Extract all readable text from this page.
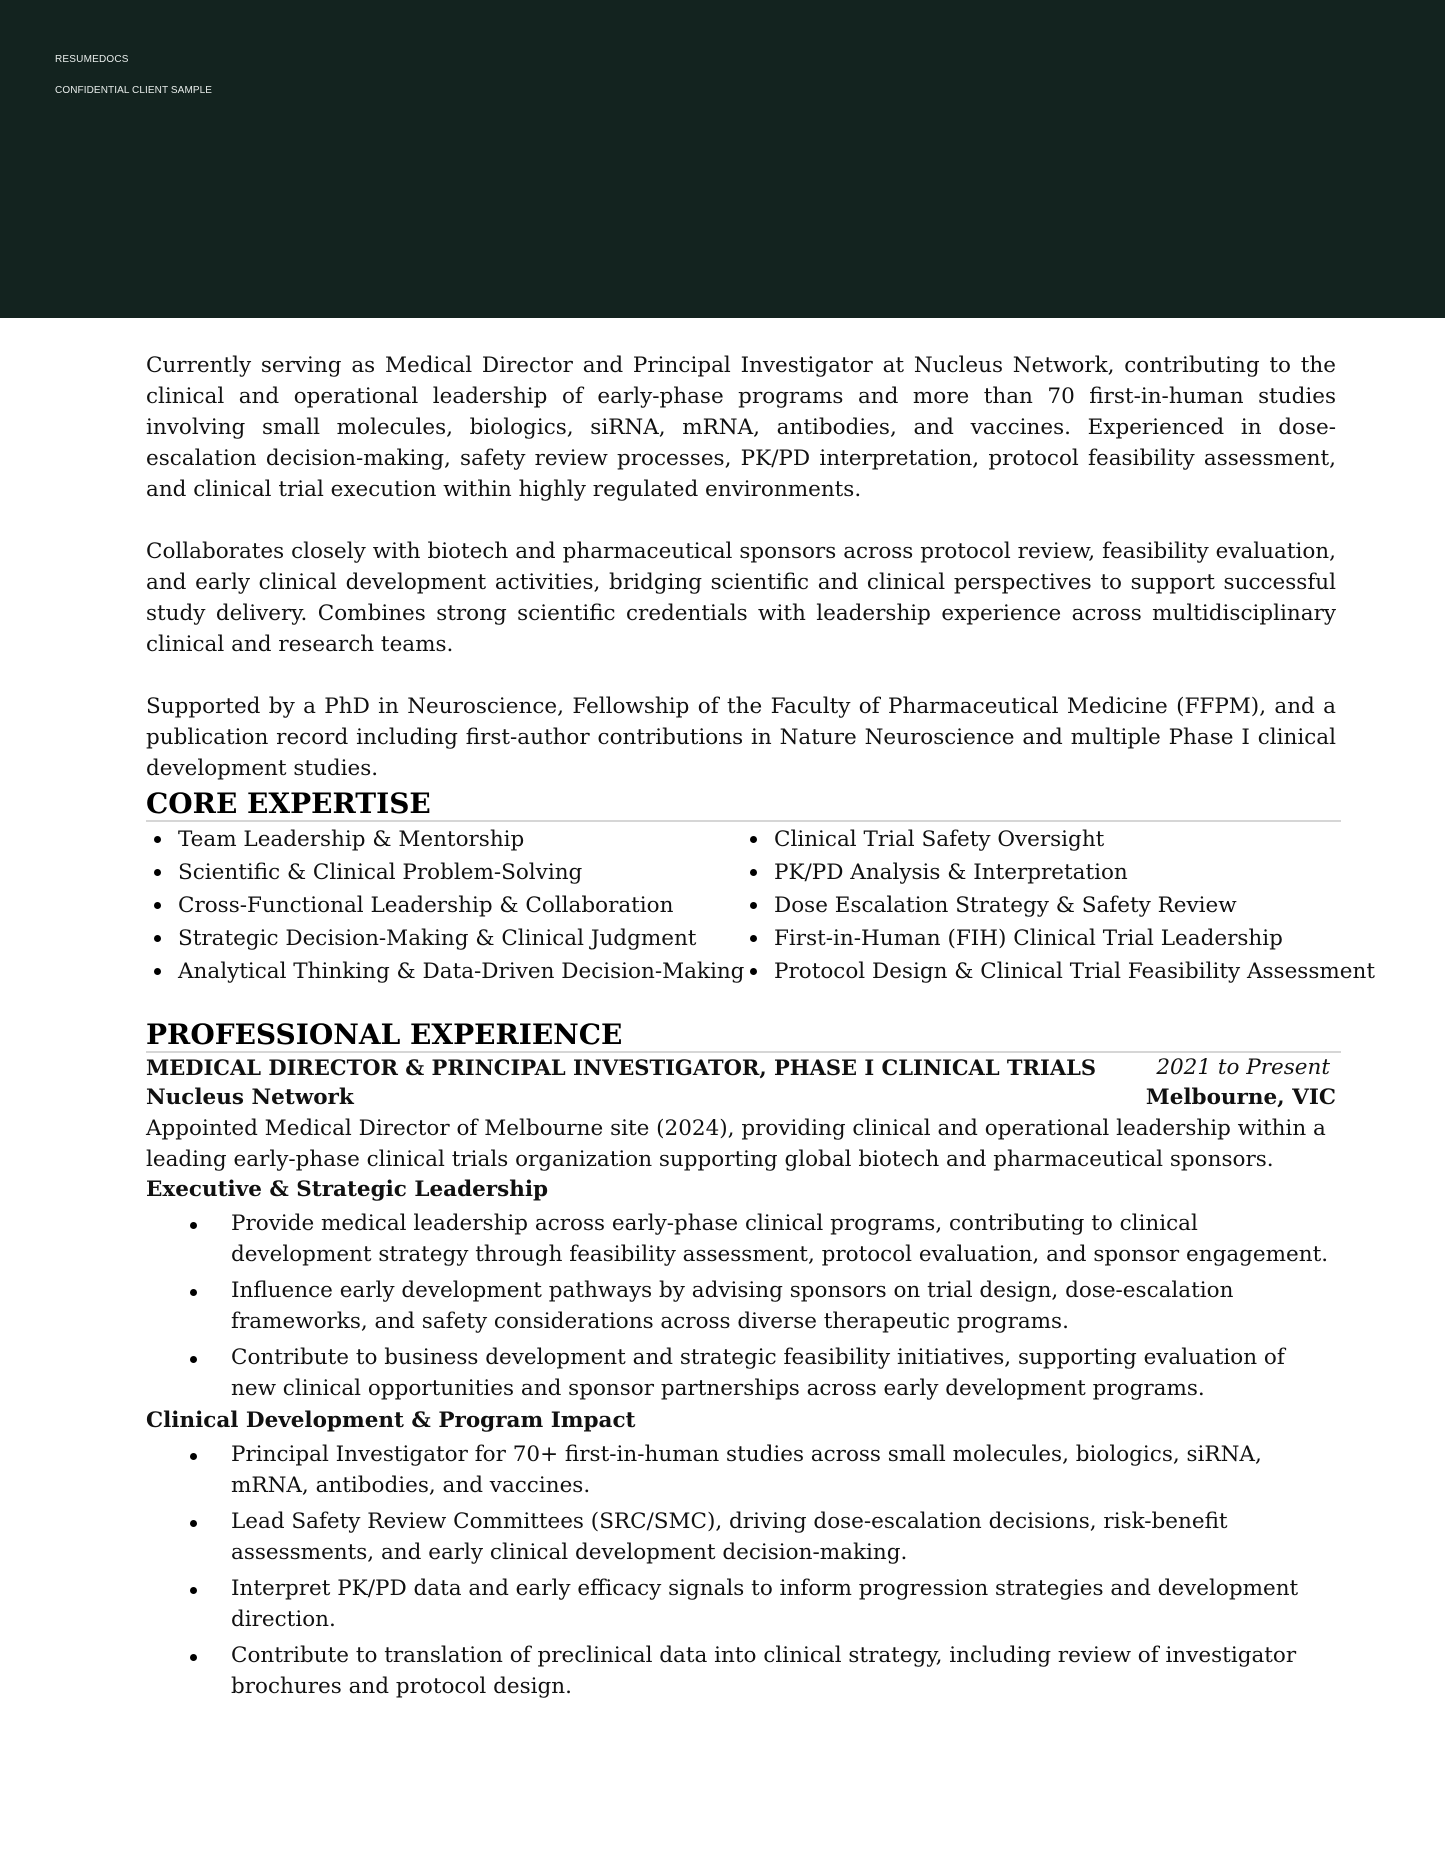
RESUMEDOCS
CONFIDENTIAL CLIENT SAMPLE

Currently serving as Medical Director and Principal Investigator at Nucleus Network, contributing to the clinical and operational leadership of early-phase programs and more than 70 first-in-human studies involving small molecules, biologics, siRNA, mRNA, antibodies, and vaccines. Experienced in dose-escalation decision-making, safety review processes, PK/PD interpretation, protocol feasibility assessment, and clinical trial execution within highly regulated environments.

Collaborates closely with biotech and pharmaceutical sponsors across protocol review, feasibility evaluation, and early clinical development activities, bridging scientific and clinical perspectives to support successful study delivery. Combines strong scientific credentials with leadership experience across multidisciplinary clinical and research teams.

Supported by a PhD in Neuroscience, Fellowship of the Faculty of Pharmaceutical Medicine (FFPM), and a publication record including first-author contributions in Nature Neuroscience and multiple Phase I clinical development studies.

CORE EXPERTISE
Team Leadership & Mentorship
Scientific & Clinical Problem-Solving
Cross-Functional Leadership & Collaboration
Strategic Decision-Making & Clinical Judgment
Analytical Thinking & Data-Driven Decision-Making
Clinical Trial Safety Oversight
PK/PD Analysis & Interpretation
Dose Escalation Strategy & Safety Review
First-in-Human (FIH) Clinical Trial Leadership
Protocol Design & Clinical Trial Feasibility Assessment
PROFESSIONAL EXPERIENCE
MEDICAL DIRECTOR & PRINCIPAL INVESTIGATOR, PHASE I CLINICAL TRIALS	2021 to Present
Nucleus Network	Melbourne, VIC

Appointed Medical Director of Melbourne site (2024), providing clinical and operational leadership within a leading early-phase clinical trials organization supporting global biotech and pharmaceutical sponsors.

Executive & Strategic Leadership
Provide medical leadership across early-phase clinical programs, contributing to clinical development strategy through feasibility assessment, protocol evaluation, and sponsor engagement.
Influence early development pathways by advising sponsors on trial design, dose-escalation frameworks, and safety considerations across diverse therapeutic programs.
Contribute to business development and strategic feasibility initiatives, supporting evaluation of new clinical opportunities and sponsor partnerships across early development programs.
Clinical Development & Program Impact
Principal Investigator for 70+ first-in-human studies across small molecules, biologics, siRNA, mRNA, antibodies, and vaccines.
Lead Safety Review Committees (SRC/SMC), driving dose-escalation decisions, risk-benefit assessments, and early clinical development decision-making.
Interpret PK/PD data and early efficacy signals to inform progression strategies and development direction.
Contribute to translation of preclinical data into clinical strategy, including review of investigator brochures and protocol design.
